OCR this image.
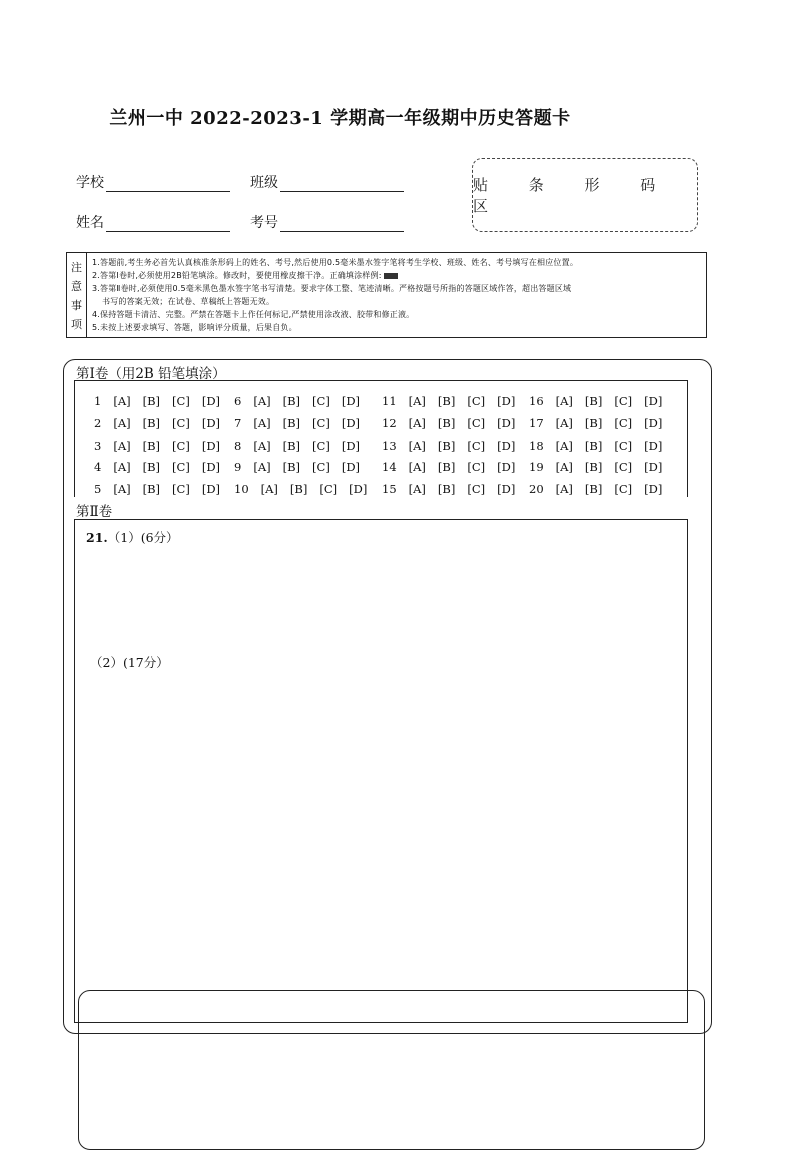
兰州一中 2022-2023-1 学期高一年级期中历史答题卡
学校	班级
姓名	考号
贴 条 形 码 区
注
意
事
项
1.答题前,考生务必首先认真核准条形码上的姓名、考号,然后使用0.5毫米墨水签字笔将考生学校、班级、姓名、考号填写在相应位置。
2.答第Ⅰ卷时,必须使用2B铅笔填涂。修改时，要使用橡皮擦干净。正确填涂样例:
3.答第Ⅱ卷时,必须使用0.5毫米黑色墨水签字笔书写清楚。要求字体工整、笔迹清晰。严格按题号所指的答题区域作答，超出答题区域
书写的答案无效；在试卷、草稿纸上答题无效。
4.保持答题卡清洁、完整。严禁在答题卡上作任何标记,严禁使用涂改液、胶带和修正液。
5.未按上述要求填写、答题，影响评分质量，后果自负。
第Ⅰ卷（用2B 铅笔填涂）
1 [A] [B] [C] [D]
2 [A] [B] [C] [D]
3 [A] [B] [C] [D]
4 [A] [B] [C] [D]
5 [A] [B] [C] [D]
6 [A] [B] [C] [D]
7 [A] [B] [C] [D]
8 [A] [B] [C] [D]
9 [A] [B] [C] [D]
10 [A] [B] [C] [D]
11 [A] [B] [C] [D]
12 [A] [B] [C] [D]
13 [A] [B] [C] [D]
14 [A] [B] [C] [D]
15 [A] [B] [C] [D]
16 [A] [B] [C] [D]
17 [A] [B] [C] [D]
18 [A] [B] [C] [D]
19 [A] [B] [C] [D]
20 [A] [B] [C] [D]
第Ⅱ卷
21.（1）(6分）
（2）(17分）
